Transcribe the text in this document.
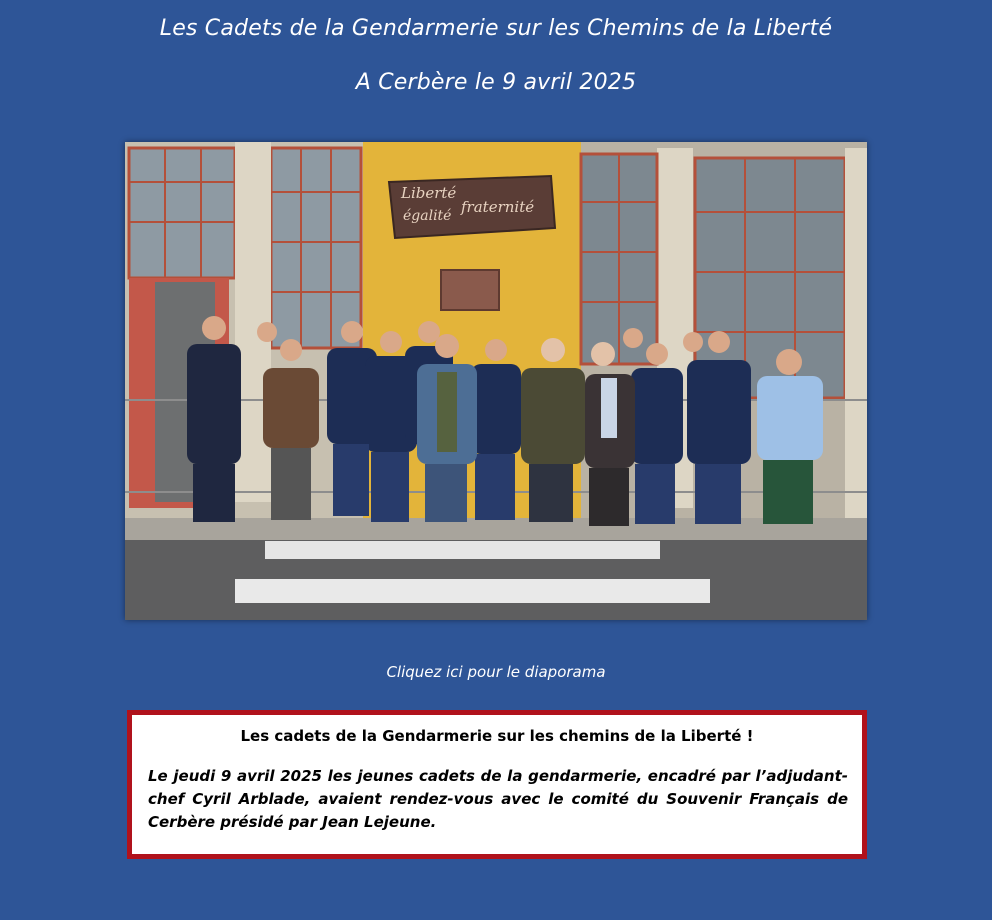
Les Cadets de la Gendarmerie sur les Chemins de la Liberté
A Cerbère le 9 avril 2025
Liberté
égalité fraternité
Cliquez ici pour le diaporama
Les cadets de la Gendarmerie sur les chemins de la Liberté !

Le jeudi 9 avril 2025 les jeunes cadets de la gendarmerie, encadré par l’adjudant-chef Cyril Arblade, avaient rendez-vous avec le comité du Souvenir Français de Cerbère présidé par Jean Lejeune.
